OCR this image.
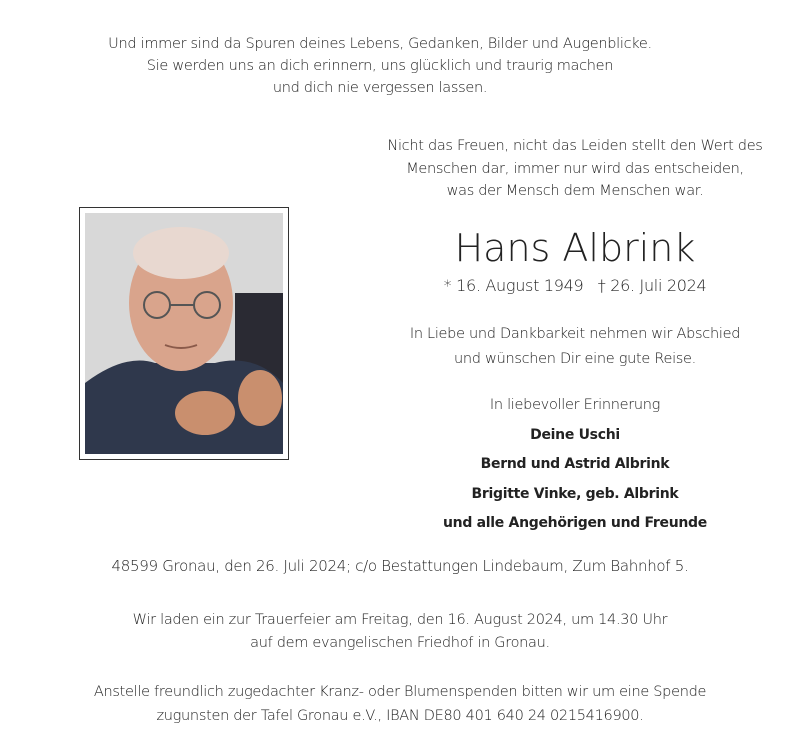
Und immer sind da Spuren deines Lebens, Gedanken, Bilder und Augenblicke.
Sie werden uns an dich erinnern, uns glücklich und traurig machen
und dich nie vergessen lassen.
Nicht das Freuen, nicht das Leiden stellt den Wert des
Menschen dar, immer nur wird das entscheiden,
was der Mensch dem Menschen war.
Hans Albrink
* 16. August 1949 † 26. Juli 2024
In Liebe und Dankbarkeit nehmen wir Abschied
und wünschen Dir eine gute Reise.
In liebevoller Erinnerung
Deine Uschi
Bernd und Astrid Albrink
Brigitte Vinke, geb. Albrink
und alle Angehörigen und Freunde
48599 Gronau, den 26. Juli 2024; c/o Bestattungen Lindebaum, Zum Bahnhof 5.
Wir laden ein zur Trauerfeier am Freitag, den 16. August 2024, um 14.30 Uhr
auf dem evangelischen Friedhof in Gronau.
Anstelle freundlich zugedachter Kranz- oder Blumenspenden bitten wir um eine Spende
zugunsten der Tafel Gronau e.V., IBAN DE80 401 640 24 0215416900.
